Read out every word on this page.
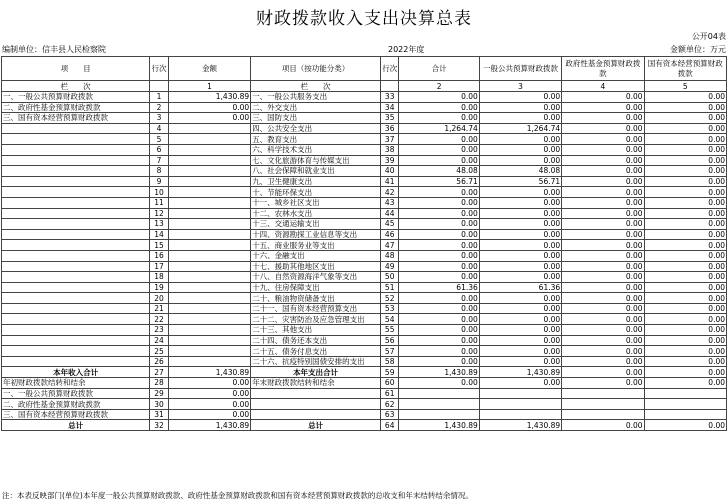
财政拨款收入支出决算总表
公开04表
编制单位：信丰县人民检察院	2022年度	金额单位：万元
项　　目	行次	金额	项目（按功能分类）	行次	合计	一般公共预算财政拨款	政府性基金预算财政拨款	国有资本经营预算财政拨款
栏　　次		1	栏　　次		2	3	4	5
一、一般公共预算财政拨款	1	1,430.89	一、一般公共服务支出	33	0.00	0.00	0.00	0.00
二、政府性基金预算财政拨款	2	0.00	二、外交支出	34	0.00	0.00	0.00	0.00
三、国有资本经营预算财政拨款	3	0.00	三、国防支出	35	0.00	0.00	0.00	0.00
	4		四、公共安全支出	36	1,264.74	1,264.74	0.00	0.00
	5		五、教育支出	37	0.00	0.00	0.00	0.00
	6		六、科学技术支出	38	0.00	0.00	0.00	0.00
	7		七、文化旅游体育与传媒支出	39	0.00	0.00	0.00	0.00
	8		八、社会保障和就业支出	40	48.08	48.08	0.00	0.00
	9		九、卫生健康支出	41	56.71	56.71	0.00	0.00
	10		十、节能环保支出	42	0.00	0.00	0.00	0.00
	11		十一、城乡社区支出	43	0.00	0.00	0.00	0.00
	12		十二、农林水支出	44	0.00	0.00	0.00	0.00
	13		十三、交通运输支出	45	0.00	0.00	0.00	0.00
	14		十四、资源勘探工业信息等支出	46	0.00	0.00	0.00	0.00
	15		十五、商业服务业等支出	47	0.00	0.00	0.00	0.00
	16		十六、金融支出	48	0.00	0.00	0.00	0.00
	17		十七、援助其他地区支出	49	0.00	0.00	0.00	0.00
	18		十八、自然资源海洋气象等支出	50	0.00	0.00	0.00	0.00
	19		十九、住房保障支出	51	61.36	61.36	0.00	0.00
	20		二十、粮油物资储备支出	52	0.00	0.00	0.00	0.00
	21		二十一、国有资本经营预算支出	53	0.00	0.00	0.00	0.00
	22		二十二、灾害防治及应急管理支出	54	0.00	0.00	0.00	0.00
	23		二十三、其他支出	55	0.00	0.00	0.00	0.00
	24		二十四、债务还本支出	56	0.00	0.00	0.00	0.00
	25		二十五、债务付息支出	57	0.00	0.00	0.00	0.00
	26		二十六、抗疫特别国债安排的支出	58	0.00	0.00	0.00	0.00
本年收入合计	27	1,430.89	本年支出合计	59	1,430.89	1,430.89	0.00	0.00
年初财政拨款结转和结余	28	0.00	年末财政拨款结转和结余	60	0.00	0.00	0.00	0.00
一、一般公共预算财政拨款	29	0.00		61				
二、政府性基金预算财政拨款	30	0.00		62				
三、国有资本经营预算财政拨款	31	0.00		63				
总计	32	1,430.89	总计	64	1,430.89	1,430.89	0.00	0.00
注：本表反映部门(单位)本年度一般公共预算财政拨款、政府性基金预算财政拨款和国有资本经营预算财政拨款的总收支和年末结转结余情况。
